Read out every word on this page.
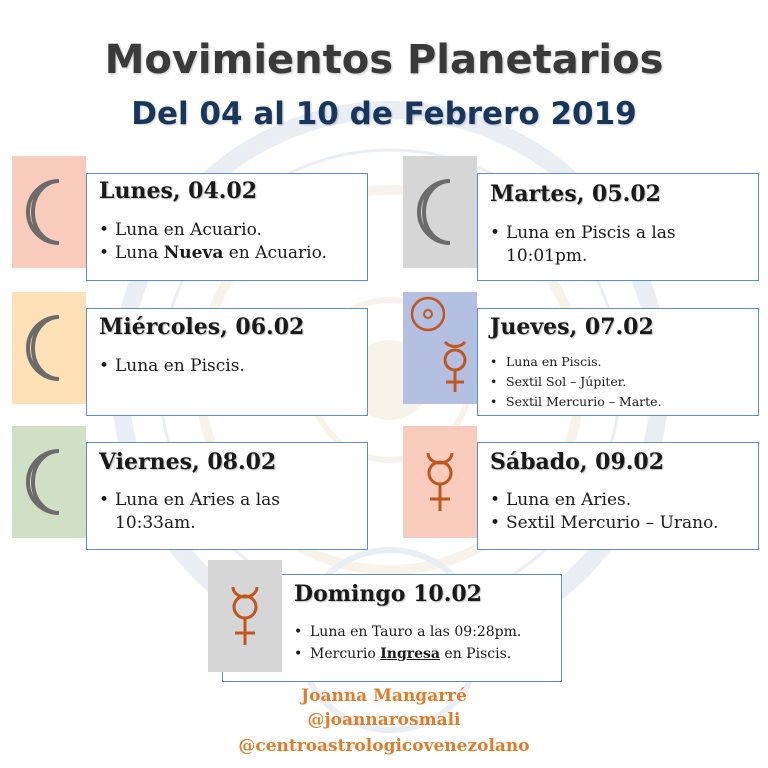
Movimientos Planetarios
Del 04 al 10 de Febrero 2019
Lunes, 04.02
• Luna en Acuario.
• Luna Nueva en Acuario.
Martes, 05.02
• Luna en Piscis a las 10:01pm.
Miércoles, 06.02
• Luna en Piscis.
Jueves, 07.02
• Luna en Piscis.
• Sextil Sol – Júpiter.
• Sextil Mercurio – Marte.
Viernes, 08.02
• Luna en Aries a las 10:33am.
Sábado, 09.02
• Luna en Aries.
• Sextil Mercurio – Urano.
Domingo 10.02
• Luna en Tauro a las 09:28pm.
• Mercurio Ingresa en Piscis.
Joanna Mangarré
@joannarosmali
@centroastrologicovenezolano
